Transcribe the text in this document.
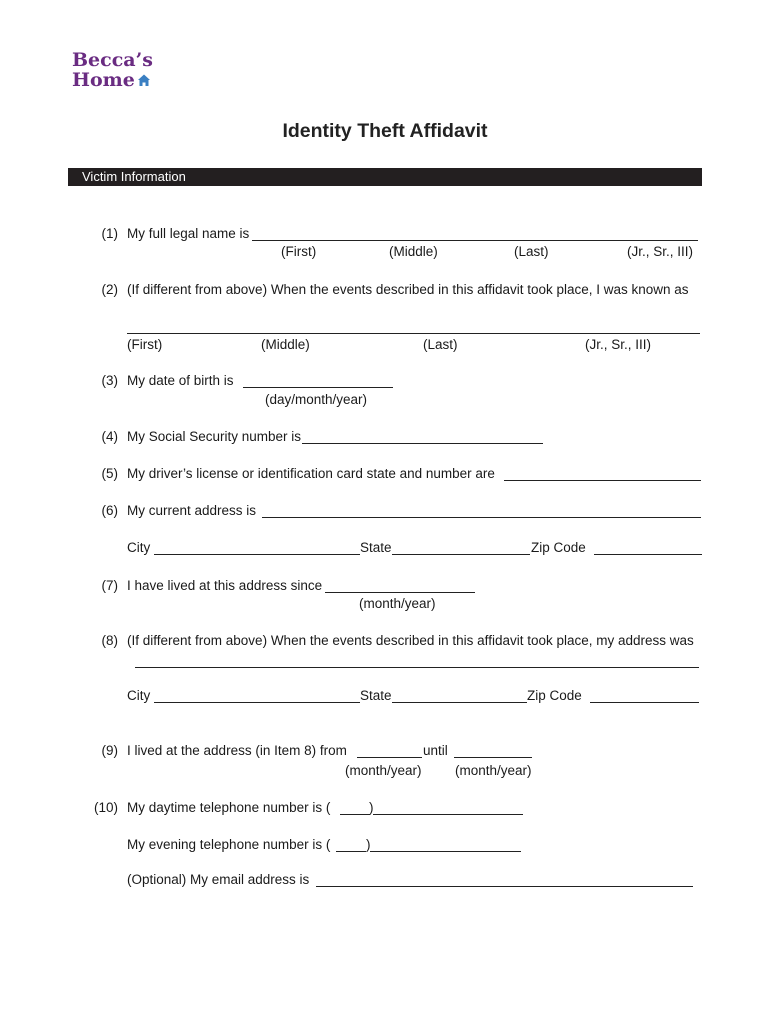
Becca’s
Home
Identity Theft Affidavit
Victim Information
(1) My full legal name is
(First)	(Middle)	(Last)	(Jr., Sr., III)
(2) (If different from above) When the events described in this affidavit took place, I was known as
(First)	(Middle)	(Last)	(Jr., Sr., III)
(3) My date of birth is
(day/month/year)
(4) My Social Security number is
(5) My driver’s license or identification card state and number are
(6) My current address is
City	State	Zip Code
(7) I have lived at this address since
(month/year)
(8) (If different from above) When the events described in this affidavit took place, my address was
City	State	Zip Code
(9) I lived at the address (in Item 8) from	until
(month/year) (month/year)
(10) My daytime telephone number is (	)
My evening telephone number is (	)
(Optional) My email address is
